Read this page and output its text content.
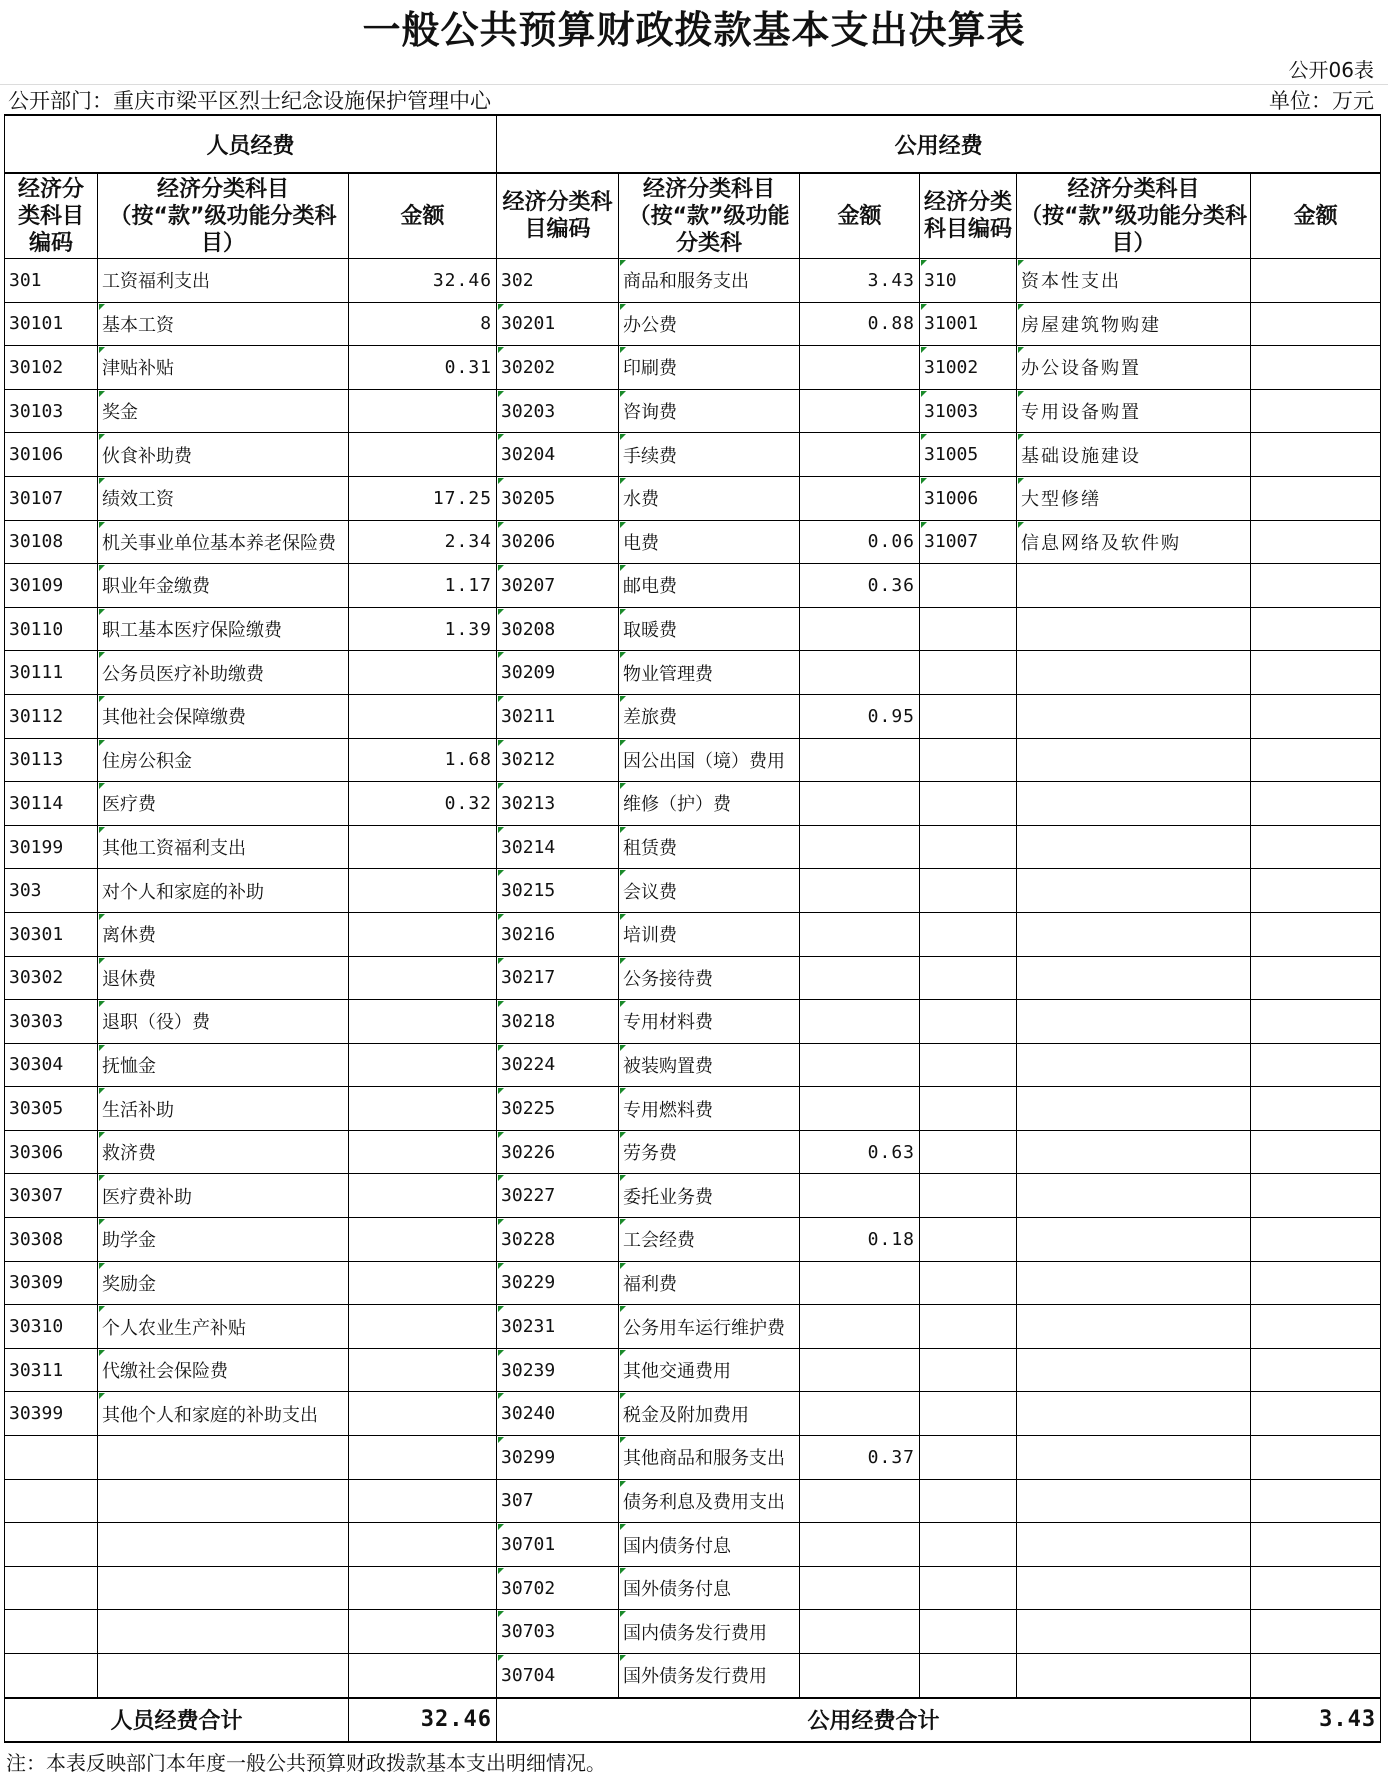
一般公共预算财政拨款基本支出决算表
公开06表
公开部门：重庆市梁平区烈士纪念设施保护管理中心	单位：万元
人员经费			公用经费					
经济分类科目编码	经济分类科目（按“款”级功能分类科目）	金额	经济分类科目编码	经济分类科目（按“款”级功能分类科	金额	经济分类科目编码	经济分类科目（按“款”级功能分类科目）	金额
301	工资福利支出	32.46	302	商品和服务支出	3.43	310	资本性支出	
30101	基本工资	8	30201	办公费	0.88	31001	房屋建筑物购建	
30102	津贴补贴	0.31	30202	印刷费		31002	办公设备购置	
30103	奖金		30203	咨询费		31003	专用设备购置	
30106	伙食补助费		30204	手续费		31005	基础设施建设	
30107	绩效工资	17.25	30205	水费		31006	大型修缮	
30108	机关事业单位基本养老保险费	2.34	30206	电费	0.06	31007	信息网络及软件购	
30109	职业年金缴费	1.17	30207	邮电费	0.36			
30110	职工基本医疗保险缴费	1.39	30208	取暖费				
30111	公务员医疗补助缴费		30209	物业管理费				
30112	其他社会保障缴费		30211	差旅费	0.95			
30113	住房公积金	1.68	30212	因公出国（境）费用				
30114	医疗费	0.32	30213	维修（护）费				
30199	其他工资福利支出		30214	租赁费				
303	对个人和家庭的补助		30215	会议费				
30301	离休费		30216	培训费				
30302	退休费		30217	公务接待费				
30303	退职（役）费		30218	专用材料费				
30304	抚恤金		30224	被装购置费				
30305	生活补助		30225	专用燃料费				
30306	救济费		30226	劳务费	0.63			
30307	医疗费补助		30227	委托业务费				
30308	助学金		30228	工会经费	0.18			
30309	奖励金		30229	福利费				
30310	个人农业生产补贴		30231	公务用车运行维护费				
30311	代缴社会保险费		30239	其他交通费用				
30399	其他个人和家庭的补助支出		30240	税金及附加费用				
			30299	其他商品和服务支出	0.37			
			307	债务利息及费用支出				
			30701	国内债务付息				
			30702	国外债务付息				
			30703	国内债务发行费用				
			30704	国外债务发行费用				
人员经费合计		32.46	公用经费合计					3.43
注：本表反映部门本年度一般公共预算财政拨款基本支出明细情况。
